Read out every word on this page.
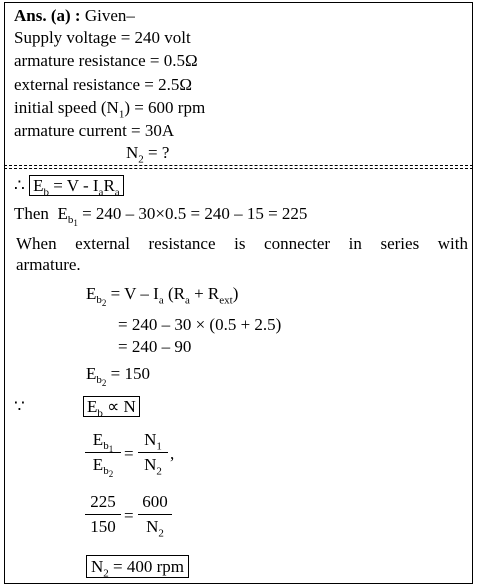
Ans. (a) : Given–
Supply voltage = 240 volt
armature resistance = 0.5Ω
external resistance = 2.5Ω
initial speed $(N_1) = 600$ rpm
armature current = 30A
$N_2$ = ?
∴ $E_b = V - I_aR_a$
Then $E_{b_1} = 240 - 30\times 0.5 = 240 - 15 = 225$
When external resistance is connecter in series with
armature.
$E_{b_2} = V - I_a$ $(R_a + R_{ext})$
= 240 – 30 × (0.5 + 2.5)
= 240 – 90
$E_{b_2} = 150$
∵	$E_b \propto N$
$E_{b_1}$
$E_{b_2}$
=
$N_1$
$N_2$
,
225
150
=
600
$N_2$
$N_2 = 400$ rpm
